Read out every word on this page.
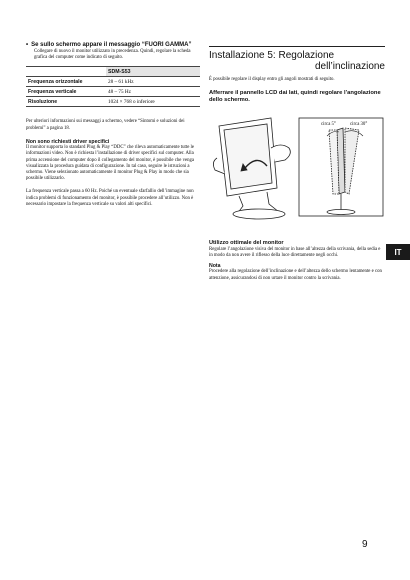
• Se sullo schermo appare il messaggio “FUORI GAMMA”

Collegare di nuovo il monitor utilizzato in precedenza. Quindi, regolare la scheda grafica del computer come indicato di seguito.

	SDM-S53
Frequenza orizzontale	28 – 61 kHz
Frequenza verticale	48 – 75 Hz
Risoluzione	1024 × 768 o inferiore

Per ulteriori informazioni sui messaggi a schermo, vedere “Sintomi e soluzioni dei problemi” a pagina 18.

Non sono richiesti driver specifici

Il monitor supporta lo standard Plug & Play “DDC” che rileva automaticamente tutte le informazioni video. Non è richiesta l’installazione di driver specifici sul computer. Alla prima accensione del computer dopo il collegamento del monitor, è possibile che venga visualizzata la procedura guidata di configurazione. In tal caso, seguire le istruzioni a schermo. Viene selezionato automaticamente il monitor Plug & Play in modo che sia possibile utilizzarlo.

La frequenza verticale passa a 60 Hz. Poiché un eventuale sfarfallio dell’immagine non indica problemi di funzionamento del monitor, è possibile procedere all’utilizzo. Non è necessario impostare la frequenza verticale su valori alti specifici.

Installazione 5: Regolazione
dell’inclinazione

È possibile regolare il display entro gli angoli mostrati di seguito.

Afferrare il pannello LCD dai lati, quindi regolare l’angolazione dello schermo.

circa 5°	circa 30°

Utilizzo ottimale del monitor

Regolare l’angolazione visiva del monitor in base all’altezza della scrivania, della sedia e in modo da non avere il riflesso della luce direttamente negli occhi.

Nota

Procedere alla regolazione dell’inclinazione e dell’altezza dello schermo lentamente e con attenzione, assicurandosi di non urtare il monitor contro la scrivania.

IT
9
